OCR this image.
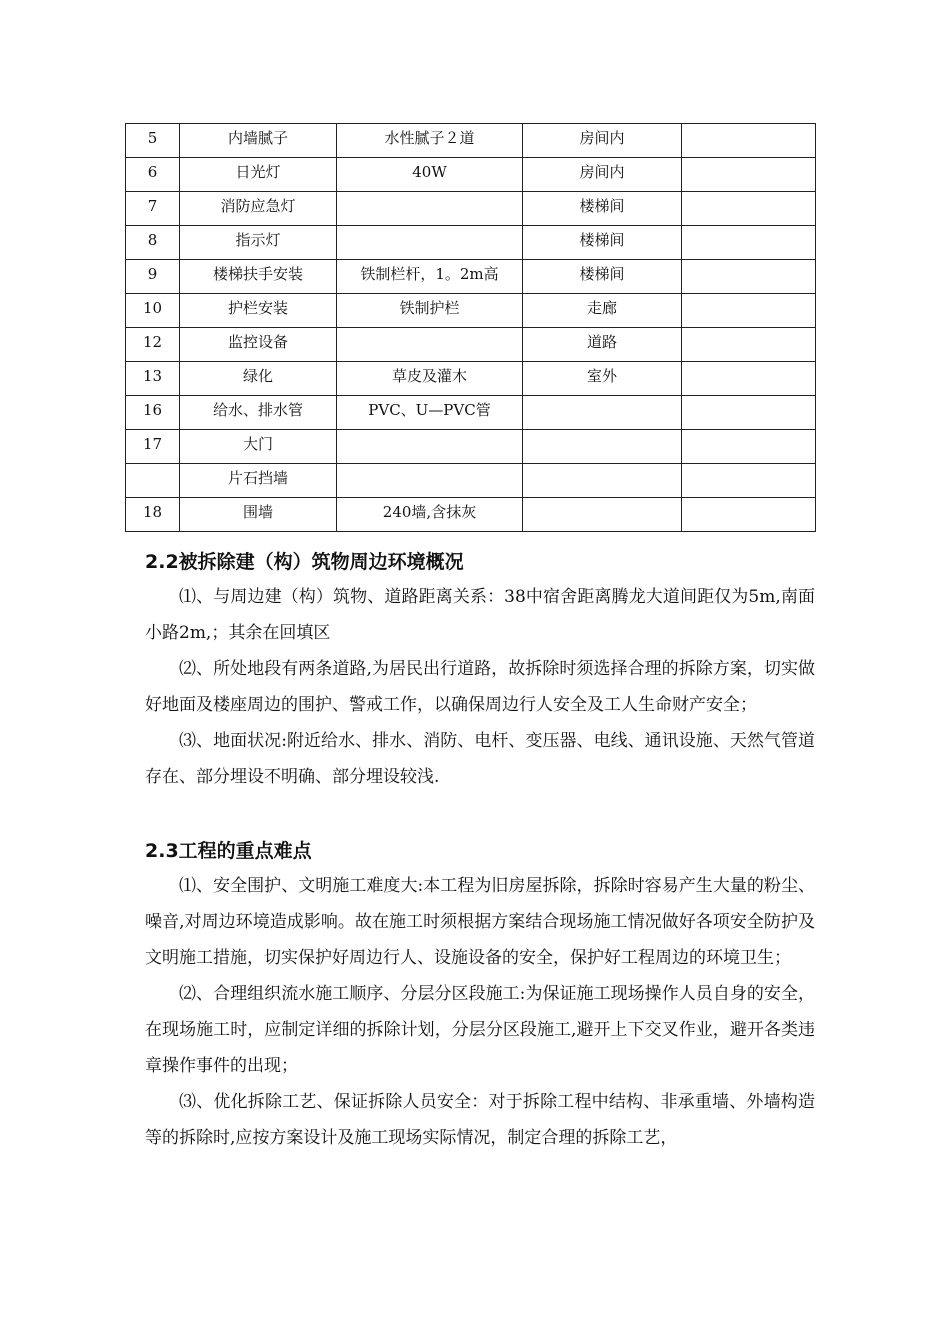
5	内墙腻子	水性腻子２道	房间内	
6	日光灯	40W	房间内	
7	消防应急灯		楼梯间	
8	指示灯		楼梯间	
9	楼梯扶手安装	铁制栏杆，1。2m高	楼梯间	
10	护栏安装	铁制护栏	走廊	
12	监控设备		道路	
13	绿化	草皮及灌木	室外	
16	给水、排水管	PVC、U—PVC管		
17	大门			
	片石挡墙			
18	围墙	240墙,含抹灰		

2.2被拆除建（构）筑物周边环境概况

⑴、与周边建（构）筑物、道路距离关系：38中宿舍距离腾龙大道间距仅为5m,南面小路2m,；其余在回填区

⑵、所处地段有两条道路,为居民出行道路，故拆除时须选择合理的拆除方案，切实做好地面及楼座周边的围护、警戒工作，以确保周边行人安全及工人生命财产安全；

⑶、地面状况:附近给水、排水、消防、电杆、变压器、电线、通讯设施、天然气管道存在、部分埋设不明确、部分埋设较浅.

2.3工程的重点难点

⑴、安全围护、文明施工难度大:本工程为旧房屋拆除，拆除时容易产生大量的粉尘、噪音,对周边环境造成影响。故在施工时须根据方案结合现场施工情况做好各项安全防护及文明施工措施，切实保护好周边行人、设施设备的安全，保护好工程周边的环境卫生；

⑵、合理组织流水施工顺序、分层分区段施工:为保证施工现场操作人员自身的安全，在现场施工时，应制定详细的拆除计划，分层分区段施工,避开上下交叉作业，避开各类违章操作事件的出现；

⑶、优化拆除工艺、保证拆除人员安全：对于拆除工程中结构、非承重墙、外墙构造等的拆除时,应按方案设计及施工现场实际情况，制定合理的拆除工艺，
